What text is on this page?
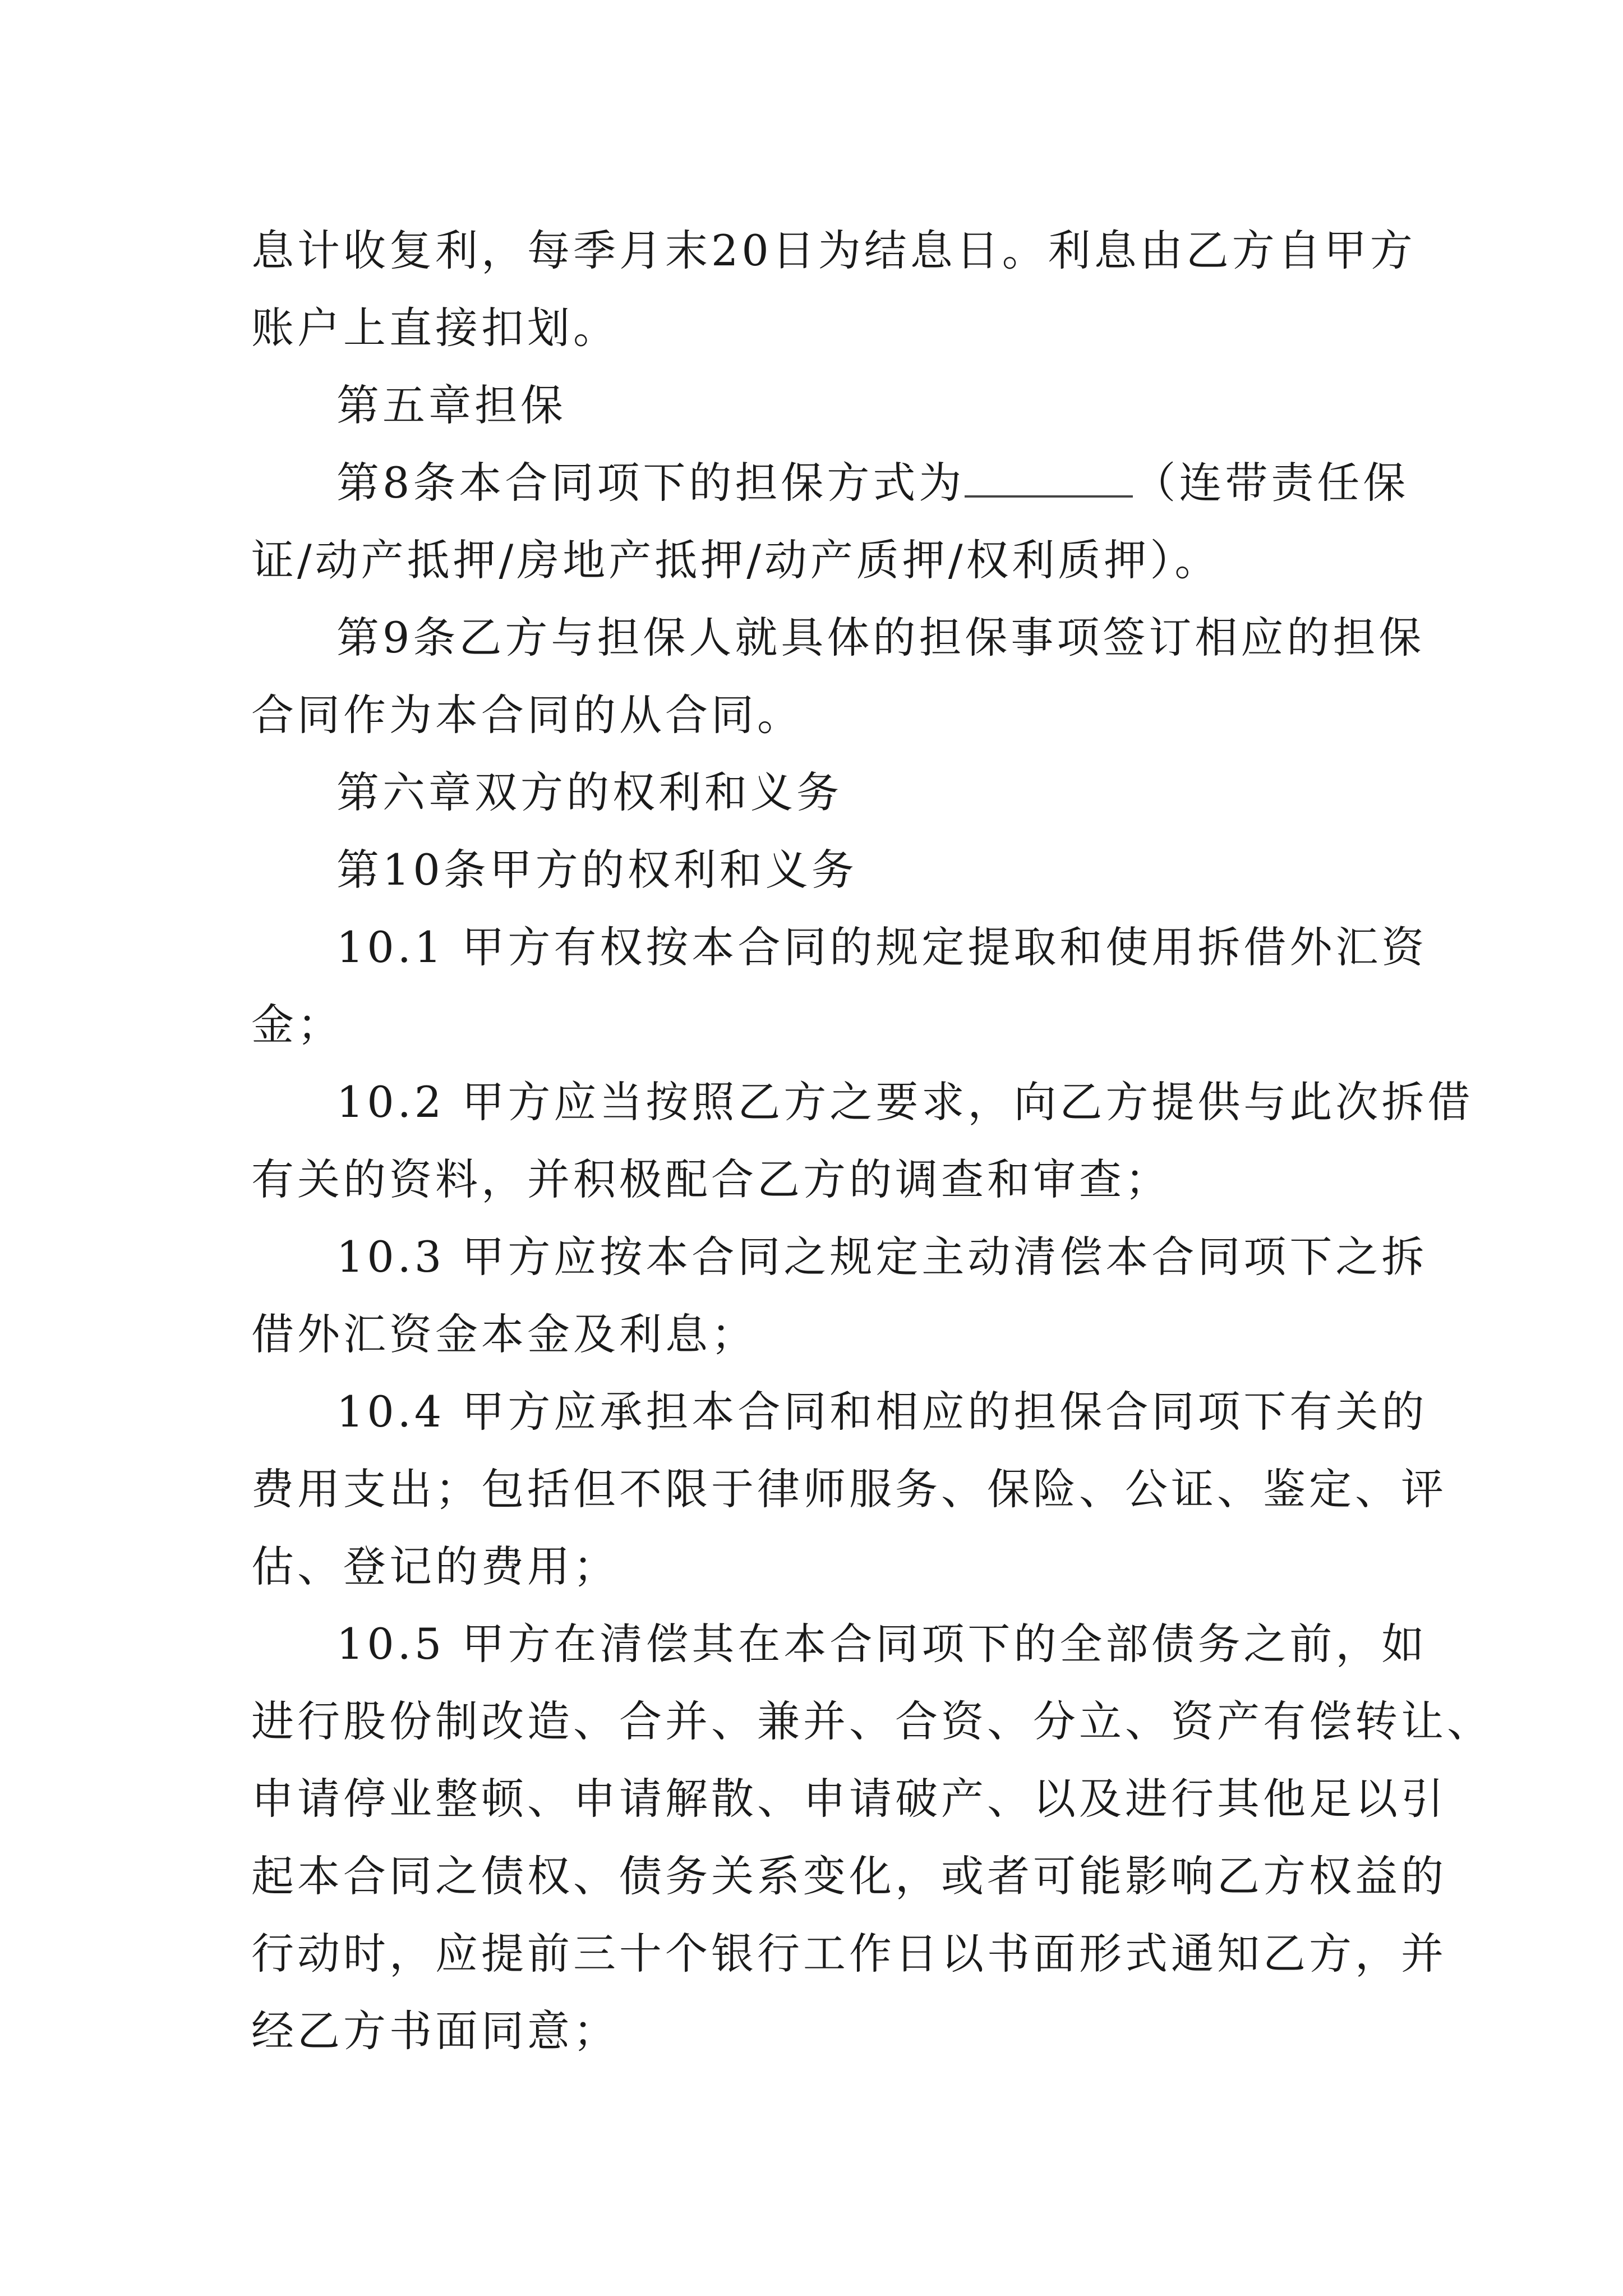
息计收复利，每季月末20日为结息日。利息由乙方自甲方
账户上直接扣划。
第五章担保
第8条本合同项下的担保方式为	（连带责任保
证/动产抵押/房地产抵押/动产质押/权利质押）。
第9条乙方与担保人就具体的担保事项签订相应的担保
合同作为本合同的从合同。
第六章双方的权利和义务
第10条甲方的权利和义务
10.1 甲方有权按本合同的规定提取和使用拆借外汇资
金；
10.2 甲方应当按照乙方之要求，向乙方提供与此次拆借
有关的资料，并积极配合乙方的调查和审查；
10.3 甲方应按本合同之规定主动清偿本合同项下之拆
借外汇资金本金及利息；
10.4 甲方应承担本合同和相应的担保合同项下有关的
费用支出；包括但不限于律师服务、保险、公证、鉴定、评
估、登记的费用；
10.5 甲方在清偿其在本合同项下的全部债务之前，如
进行股份制改造、合并、兼并、合资、分立、资产有偿转让、
申请停业整顿、申请解散、申请破产、以及进行其他足以引
起本合同之债权、债务关系变化，或者可能影响乙方权益的
行动时，应提前三十个银行工作日以书面形式通知乙方，并
经乙方书面同意；
